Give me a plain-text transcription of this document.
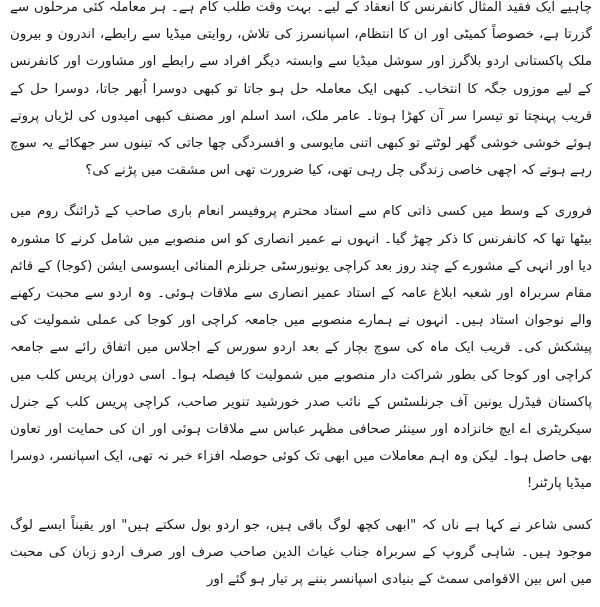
چاہیے ایک فقید المثال کانفرنس کا انعقاد کے لیے۔ بہت وقت طلب کام ہے۔ ہر معاملہ کئی مرحلوں سے گزرتا ہے، خصوصاً کمیٹی اور ان کا انتظام، اسپانسرز کی تلاش، روایتی میڈیا سے رابطے، اندرون و بیرون ملک پاکستانی اردو بلاگرز اور سوشل میڈیا سے وابستہ دیگر افراد سے رابطے اور مشاورت اور کانفرنس کے لیے موزوں جگہ کا انتخاب۔ کبھی ایک معاملہ حل ہو جاتا تو کبھی دوسرا اُبھر جاتا، دوسرا حل کے قریب پہنچتا تو تیسرا سر آن کھڑا ہوتا۔ عامر ملک، اسد اسلم اور مصنف کبھی امیدوں کی لڑیاں پروتے ہوئے خوشی خوشی گھر لوٹتے تو کبھی اتنی مایوسی و افسردگی چھا جاتی کہ تینوں سر جھکائے یہ سوچ رہے ہوتے کہ اچھی خاصی زندگی چل رہی تھی، کیا ضرورت تھی اس مشقت میں پڑنے کی؟

فروری کے وسط میں کسی ذاتی کام سے استاد محترم پروفیسر انعام باری صاحب کے ڈرائنگ روم میں بیٹھا تھا کہ کانفرنس کا ذکر چھڑ گیا۔ انہوں نے عمیر انصاری کو اس منصوبے میں شامل کرنے کا مشورہ دیا اور انہی کے مشورے کے چند روز بعد کراچی یونیورسٹی جرنلزم المنائی ایسوسی ایشن (کوجا) کے قائم مقام سربراہ اور شعبہ ابلاغ عامہ کے استاد عمیر انصاری سے ملاقات ہوئی۔ وہ اردو سے محبت رکھنے والے نوجوان استاد ہیں۔ انہوں نے ہمارے منصوبے میں جامعہ کراچی اور کوجا کی عملی شمولیت کی پیشکش کی۔ قریب ایک ماہ کی سوچ بچار کے بعد اردو سورس کے اجلاس میں اتفاق رائے سے جامعہ کراچی اور کوجا کی بطور شراکت دار منصوبے میں شمولیت کا فیصلہ ہوا۔ اسی دوران پریس کلب میں پاکستان فیڈرل یونین آف جرنلسٹس کے نائب صدر خورشید تنویر صاحب، کراچی پریس کلب کے جنرل سیکریٹری اے ایچ خانزادہ اور سینئر صحافی مظہر عباس سے ملاقات ہوئی اور ان کی حمایت اور تعاون بھی حاصل ہوا۔ لیکن وہ اہم معاملات میں ابھی تک کوئی حوصلہ افزاء خبر نہ تھی، ایک اسپانسر، دوسرا میڈیا پارٹنر!

کسی شاعر نے کہا ہے ناں کہ "ابھی کچھ لوگ باقی ہیں، جو اردو بول سکتے ہیں" اور یقیناً ایسے لوگ موجود ہیں۔ شاہی گروپ کے سربراہ جناب غیاث الدین صاحب صرف اور صرف اردو زبان کی محبت میں اس بین الاقوامی سمٹ کے بنیادی اسپانسر بننے پر تیار ہو گئے اور
